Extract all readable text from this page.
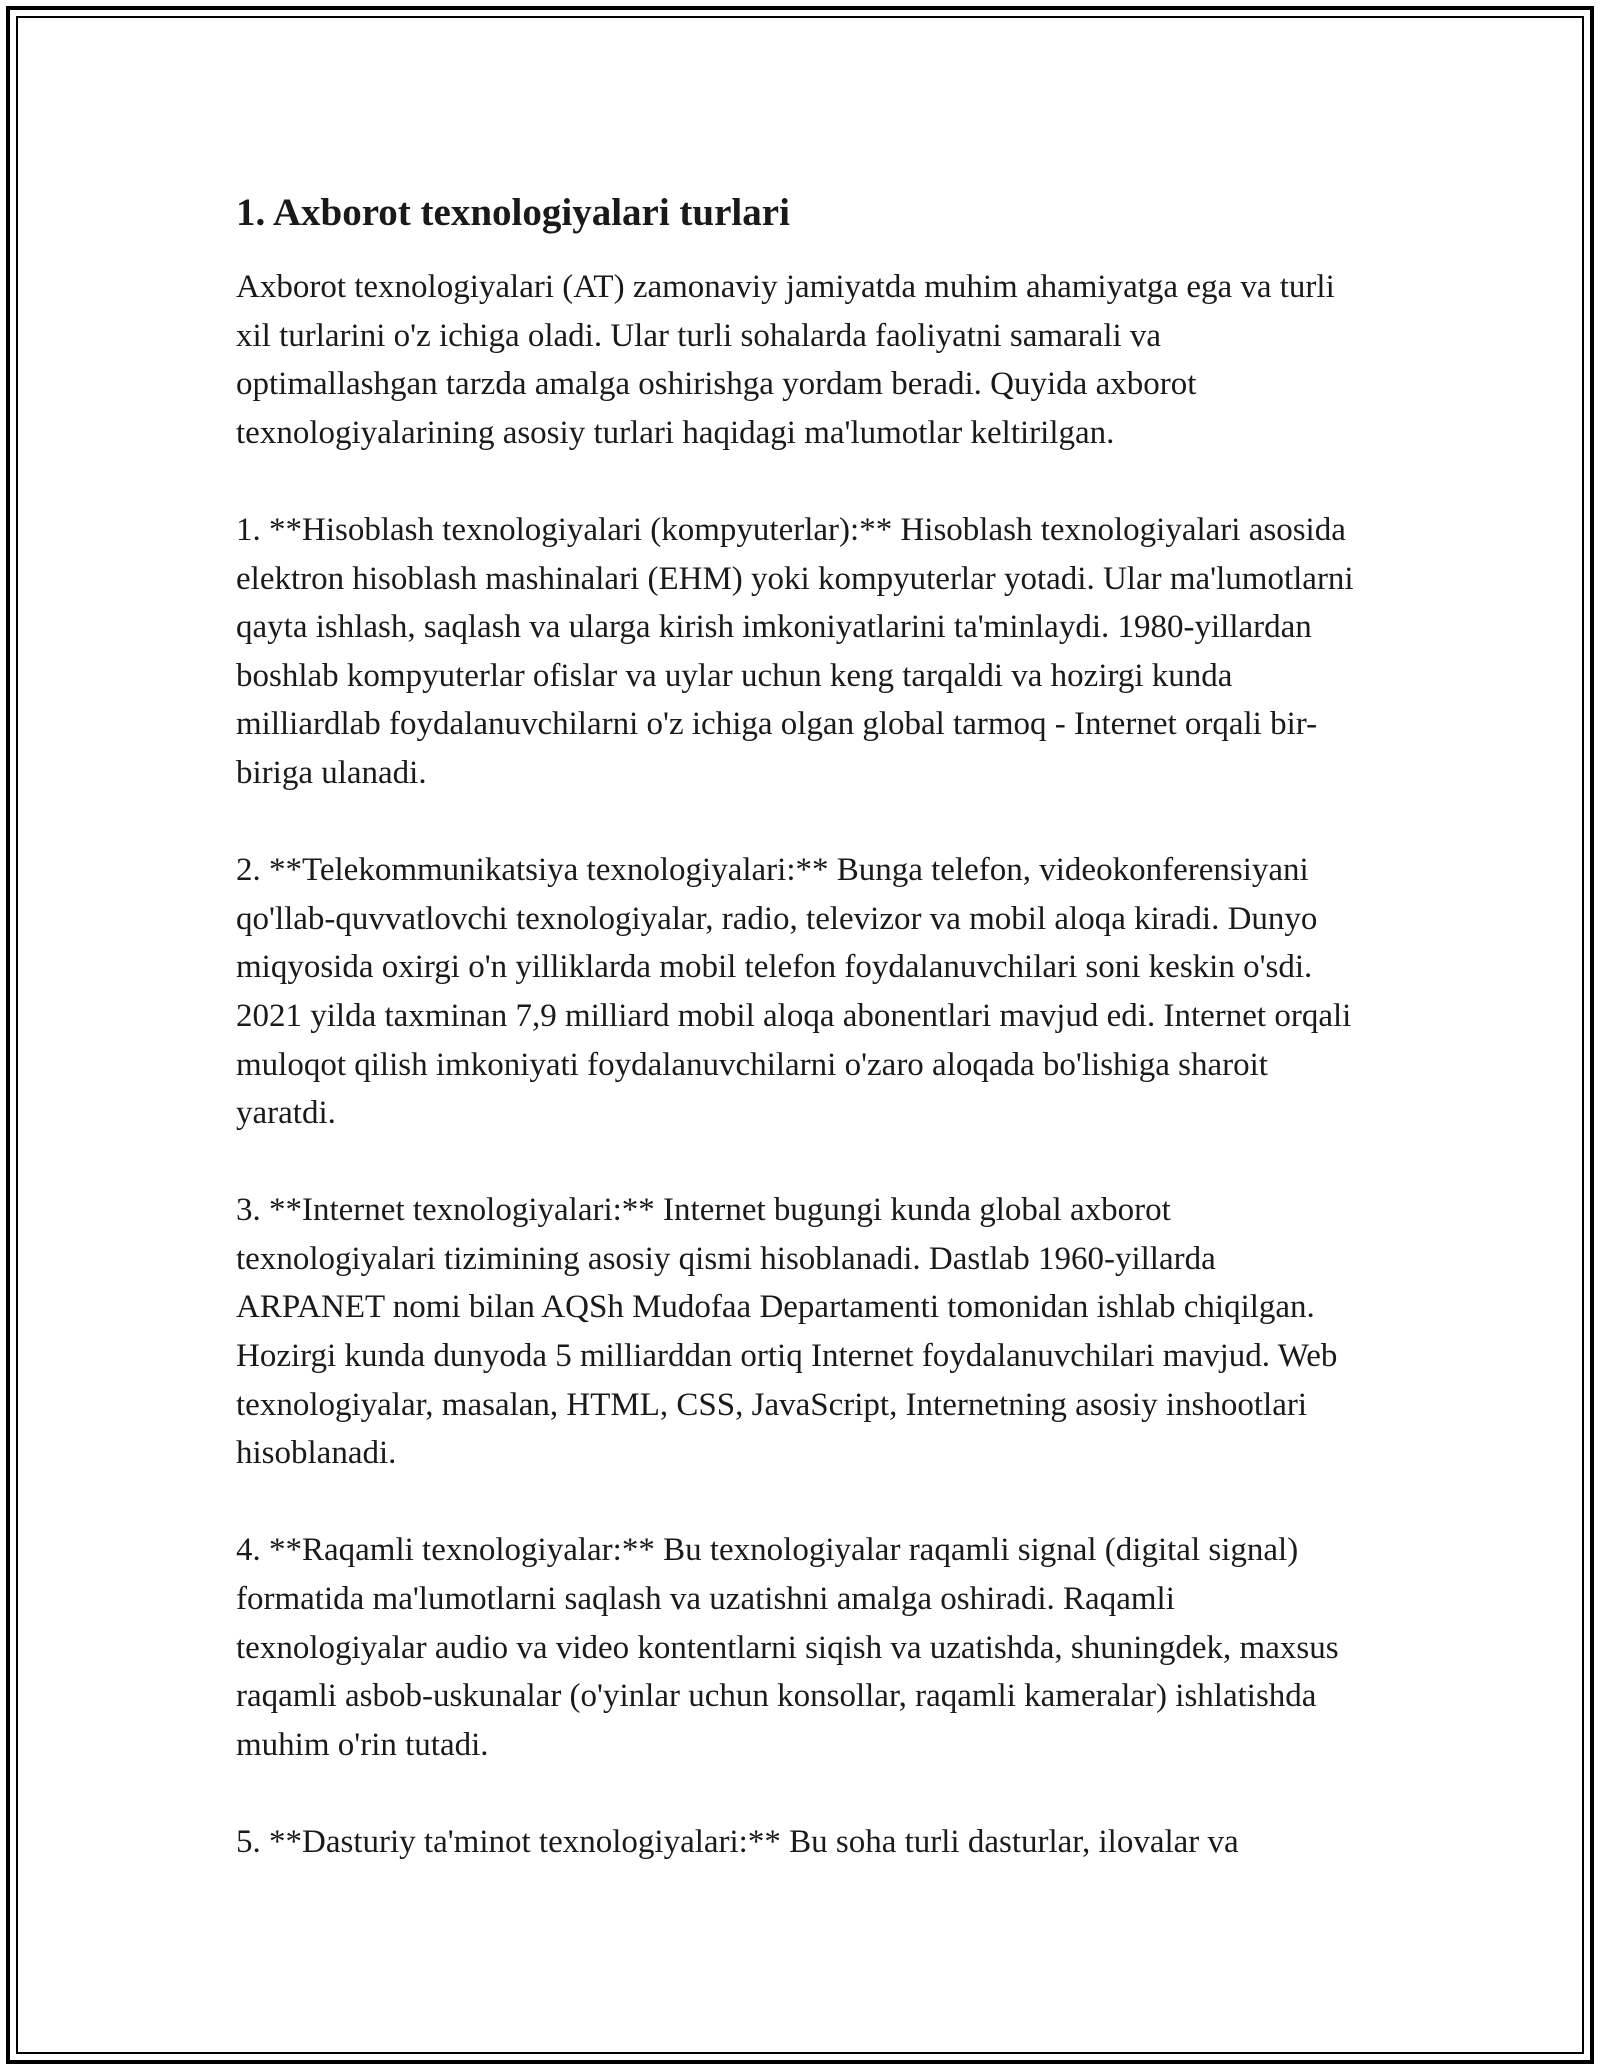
1. Axborot texnologiyalari turlari

Axborot texnologiyalari (AT) zamonaviy jamiyatda muhim ahamiyatga ega va turli xil turlarini o'z ichiga oladi. Ular turli sohalarda faoliyatni samarali va optimallashgan tarzda amalga oshirishga yordam beradi. Quyida axborot texnologiyalarining asosiy turlari haqidagi ma'lumotlar keltirilgan.

1. **Hisoblash texnologiyalari (kompyuterlar):** Hisoblash texnologiyalari asosida elektron hisoblash mashinalari (EHM) yoki kompyuterlar yotadi. Ular ma'lumotlarni qayta ishlash, saqlash va ularga kirish imkoniyatlarini ta'minlaydi. 1980-yillardan boshlab kompyuterlar ofislar va uylar uchun keng tarqaldi va hozirgi kunda milliardlab foydalanuvchilarni o'z ichiga olgan global tarmoq - Internet orqali bir-biriga ulanadi.

2. **Telekommunikatsiya texnologiyalari:** Bunga telefon, videokonferensiyani qo'llab-quvvatlovchi texnologiyalar, radio, televizor va mobil aloqa kiradi. Dunyo miqyosida oxirgi o'n yilliklarda mobil telefon foydalanuvchilari soni keskin o'sdi. 2021 yilda taxminan 7,9 milliard mobil aloqa abonentlari mavjud edi. Internet orqali muloqot qilish imkoniyati foydalanuvchilarni o'zaro aloqada bo'lishiga sharoit yaratdi.

3. **Internet texnologiyalari:** Internet bugungi kunda global axborot texnologiyalari tizimining asosiy qismi hisoblanadi. Dastlab 1960-yillarda ARPANET nomi bilan AQSh Mudofaa Departamenti tomonidan ishlab chiqilgan. Hozirgi kunda dunyoda 5 milliarddan ortiq Internet foydalanuvchilari mavjud. Web texnologiyalar, masalan, HTML, CSS, JavaScript, Internetning asosiy inshootlari hisoblanadi.

4. **Raqamli texnologiyalar:** Bu texnologiyalar raqamli signal (digital signal) formatida ma'lumotlarni saqlash va uzatishni amalga oshiradi. Raqamli texnologiyalar audio va video kontentlarni siqish va uzatishda, shuningdek, maxsus raqamli asbob-uskunalar (o'yinlar uchun konsollar, raqamli kameralar) ishlatishda muhim o'rin tutadi.

5. **Dasturiy ta'minot texnologiyalari:** Bu soha turli dasturlar, ilovalar va
